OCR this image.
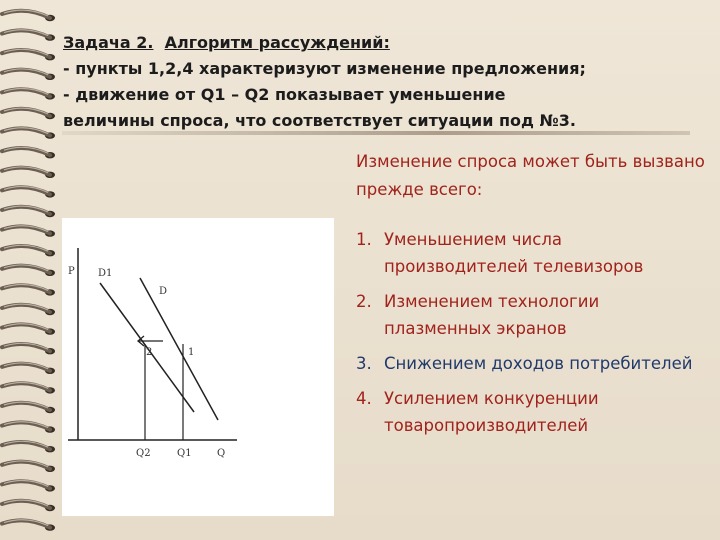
Задача 2. Алгоритм рассуждений:
- пункты 1,2,4 характеризуют изменение предложения;
- движение от Q1 – Q2 показывает уменьшение
величины спроса, что соответствует ситуации под №3.
P D1
D
2	1
Q2	Q1	Q

Изменение спроса может быть вызвано прежде всего:

1. Уменьшением числа производителей телевизоров
2. Изменением технологии плазменных экранов
3. Снижением доходов потребителей
4. Усилением конкуренции товаропроизводителей
